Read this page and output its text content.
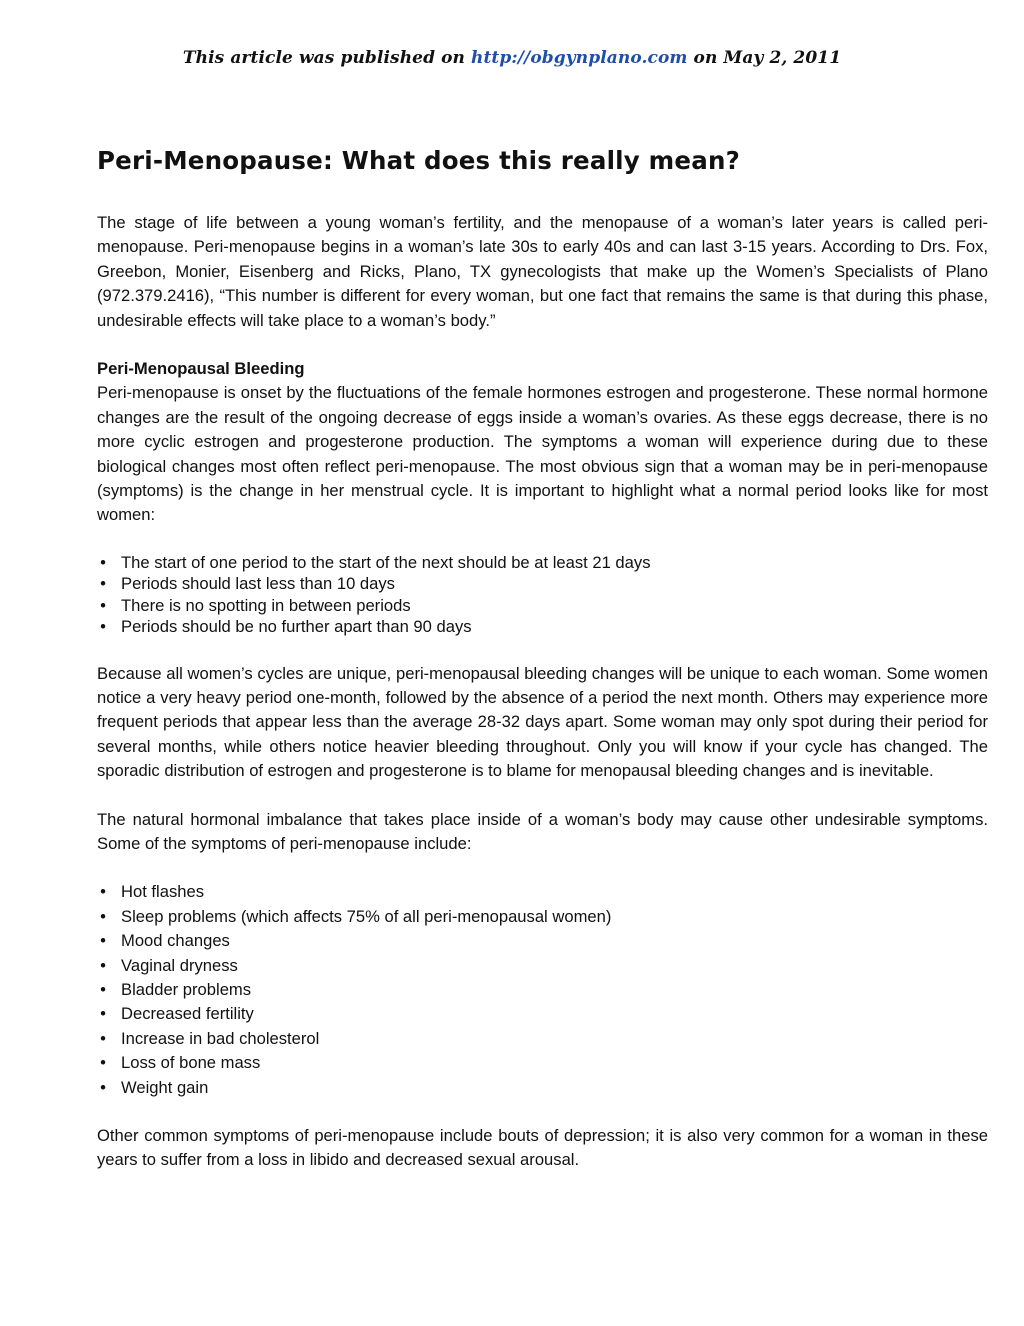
This article was published on http://obgynplano.com on May 2, 2011
Peri-Menopause: What does this really mean?

The stage of life between a young woman’s fertility, and the menopause of a woman’s later years is called peri-menopause. Peri-menopause begins in a woman’s late 30s to early 40s and can last 3-15 years. According to Drs. Fox, Greebon, Monier, Eisenberg and Ricks, Plano, TX gynecologists that make up the Women’s Specialists of Plano (972.379.2416), “This number is different for every woman, but one fact that remains the same is that during this phase, undesirable effects will take place to a woman’s body.”

Peri-Menopausal Bleeding

Peri-menopause is onset by the fluctuations of the female hormones estrogen and progesterone. These normal hormone changes are the result of the ongoing decrease of eggs inside a woman’s ovaries. As these eggs decrease, there is no more cyclic estrogen and progesterone production. The symptoms a woman will experience during due to these biological changes most often reflect peri-menopause. The most obvious sign that a woman may be in peri-menopause (symptoms) is the change in her menstrual cycle. It is important to highlight what a normal period looks like for most women:

• The start of one period to the start of the next should be at least 21 days
• Periods should last less than 10 days
• There is no spotting in between periods
• Periods should be no further apart than 90 days

Because all women’s cycles are unique, peri-menopausal bleeding changes will be unique to each woman. Some women notice a very heavy period one-month, followed by the absence of a period the next month. Others may experience more frequent periods that appear less than the average 28-32 days apart. Some woman may only spot during their period for several months, while others notice heavier bleeding throughout. Only you will know if your cycle has changed. The sporadic distribution of estrogen and progesterone is to blame for menopausal bleeding changes and is inevitable.

The natural hormonal imbalance that takes place inside of a woman’s body may cause other undesirable symptoms. Some of the symptoms of peri-menopause include:

• Hot flashes
• Sleep problems (which affects 75% of all peri-menopausal women)
• Mood changes
• Vaginal dryness
• Bladder problems
• Decreased fertility
• Increase in bad cholesterol
• Loss of bone mass
• Weight gain

Other common symptoms of peri-menopause include bouts of depression; it is also very common for a woman in these years to suffer from a loss in libido and decreased sexual arousal.
